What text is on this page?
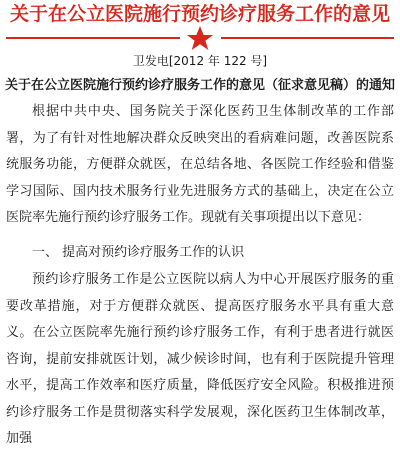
关于在公立医院施行预约诊疗服务工作的意见
卫发电[2012 年 122 号]
关于在公立医院施行预约诊疗服务工作的意见（征求意见稿）的通知

根据中共中央、国务院关于深化医药卫生体制改革的工作部署，为了有针对性地解决群众反映突出的看病难问题，改善医院系统服务功能，方便群众就医，在总结各地、各医院工作经验和借鉴学习国际、国内技术服务行业先进服务方式的基础上，决定在公立医院率先施行预约诊疗服务工作。现就有关事项提出以下意见：

一、 提高对预约诊疗服务工作的认识

预约诊疗服务工作是公立医院以病人为中心开展医疗服务的重要改革措施，对于方便群众就医、提高医疗服务水平具有重大意义。在公立医院率先施行预约诊疗服务工作，有利于患者进行就医咨询，提前安排就医计划，减少候诊时间，也有利于医院提升管理水平，提高工作效率和医疗质量，降低医疗安全风险。积极推进预约诊疗服务工作是贯彻落实科学发展观，深化医药卫生体制改革，加强
